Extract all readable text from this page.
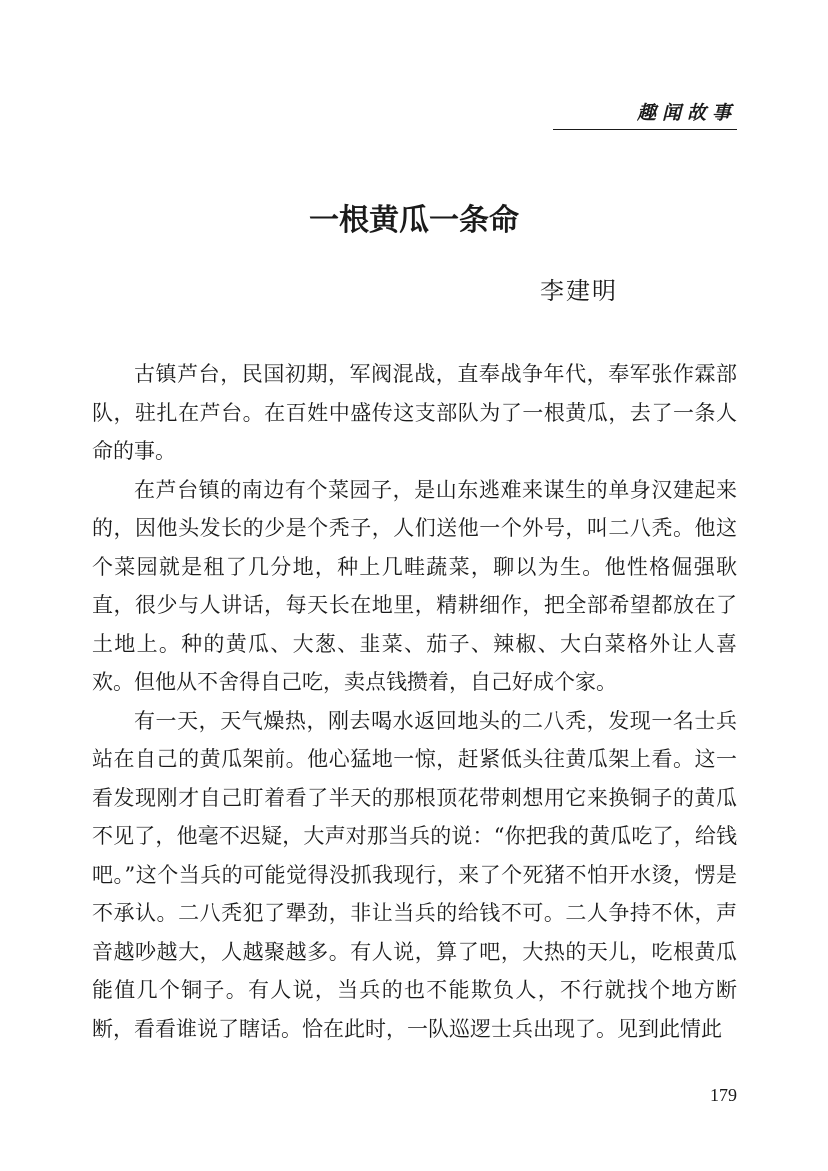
趣闻故事
一根黄瓜一条命
李建明

古镇芦台，民国初期，军阀混战，直奉战争年代，奉军张作霖部队，驻扎在芦台。在百姓中盛传这支部队为了一根黄瓜，去了一条人命的事。

在芦台镇的南边有个菜园子，是山东逃难来谋生的单身汉建起来的，因他头发长的少是个秃子，人们送他一个外号，叫二八秃。他这个菜园就是租了几分地，种上几畦蔬菜，聊以为生。他性格倔强耿直，很少与人讲话，每天长在地里，精耕细作，把全部希望都放在了土地上。种的黄瓜、大葱、韭菜、茄子、辣椒、大白菜格外让人喜欢。但他从不舍得自己吃，卖点钱攒着，自己好成个家。

有一天，天气燥热，刚去喝水返回地头的二八秃，发现一名士兵站在自己的黄瓜架前。他心猛地一惊，赶紧低头往黄瓜架上看。这一看发现刚才自己盯着看了半天的那根顶花带刺想用它来换铜子的黄瓜不见了，他毫不迟疑，大声对那当兵的说：“你把我的黄瓜吃了，给钱吧。”这个当兵的可能觉得没抓我现行，来了个死猪不怕开水烫，愣是不承认。二八秃犯了犟劲，非让当兵的给钱不可。二人争持不休，声音越吵越大，人越聚越多。有人说，算了吧，大热的天儿，吃根黄瓜能值几个铜子。有人说，当兵的也不能欺负人，不行就找个地方断断，看看谁说了瞎话。恰在此时，一队巡逻士兵出现了。见到此情此

179
